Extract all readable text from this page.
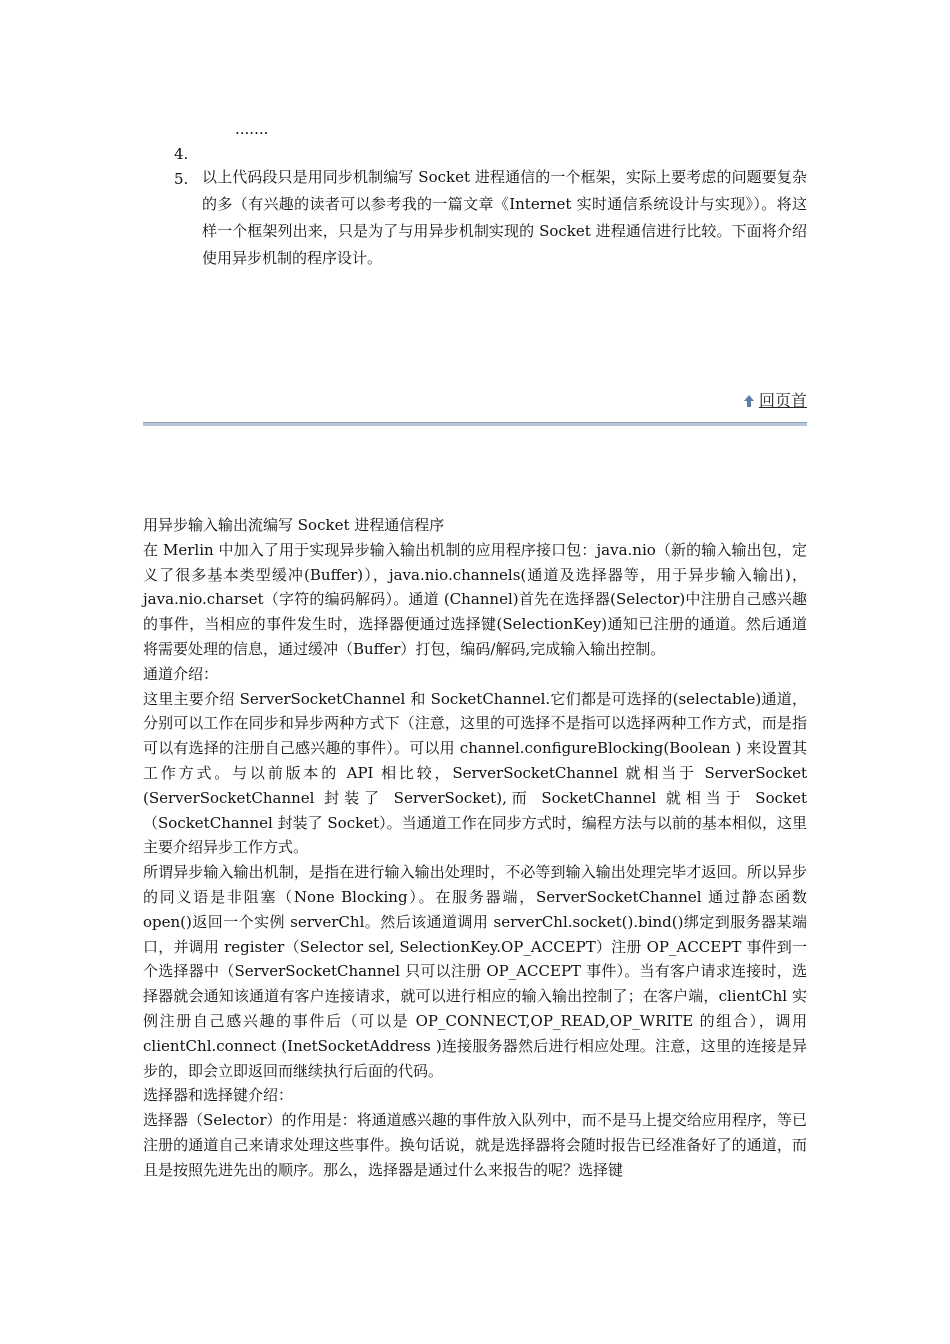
.......
4.
5. 以上代码段只是用同步机制编写 Socket 进程通信的一个框架，实际上要考虑的问题要复杂的多（有兴趣的读者可以参考我的一篇文章《Internet 实时通信系统设计与实现》）。将这样一个框架列出来，只是为了与用异步机制实现的 Socket 进程通信进行比较。下面将介绍使用异步机制的程序设计。
回页首

用异步输入输出流编写 Socket 进程通信程序

在 Merlin 中加入了用于实现异步输入输出机制的应用程序接口包：java.nio（新的输入输出包，定义了很多基本类型缓冲(Buffer)），java.nio.channels(通道及选择器等，用于异步输入输出)，java.nio.charset（字符的编码解码）。通道 (Channel)首先在选择器(Selector)中注册自己感兴趣的事件，当相应的事件发生时，选择器便通过选择键(SelectionKey)通知已注册的通道。然后通道将需要处理的信息，通过缓冲（Buffer）打包，编码/解码,完成输入输出控制。

通道介绍：

这里主要介绍 ServerSocketChannel 和 SocketChannel.它们都是可选择的(selectable)通道，分别可以工作在同步和异步两种方式下（注意，这里的可选择不是指可以选择两种工作方式，而是指可以有选择的注册自己感兴趣的事件）。可以用 channel.configureBlocking(Boolean ) 来设置其工作方式。与以前版本的 API 相比较，ServerSocketChannel 就相当于 ServerSocket (ServerSocketChannel 封装了 ServerSocket),而 SocketChannel 就相当于 Socket（SocketChannel 封装了 Socket）。当通道工作在同步方式时，编程方法与以前的基本相似，这里主要介绍异步工作方式。

所谓异步输入输出机制，是指在进行输入输出处理时，不必等到输入输出处理完毕才返回。所以异步的同义语是非阻塞（None Blocking）。在服务器端，ServerSocketChannel 通过静态函数 open()返回一个实例 serverChl。然后该通道调用 serverChl.socket().bind()绑定到服务器某端口，并调用 register（Selector sel, SelectionKey.OP_ACCEPT）注册 OP_ACCEPT 事件到一个选择器中（ServerSocketChannel 只可以注册 OP_ACCEPT 事件）。当有客户请求连接时，选择器就会通知该通道有客户连接请求，就可以进行相应的输入输出控制了；在客户端，clientChl 实例注册自己感兴趣的事件后（可以是 OP_CONNECT,OP_READ,OP_WRITE 的组合），调用 clientChl.connect (InetSocketAddress )连接服务器然后进行相应处理。注意，这里的连接是异步的，即会立即返回而继续执行后面的代码。

选择器和选择键介绍：

选择器（Selector）的作用是：将通道感兴趣的事件放入队列中，而不是马上提交给应用程序，等已注册的通道自己来请求处理这些事件。换句话说，就是选择器将会随时报告已经准备好了的通道，而且是按照先进先出的顺序。那么，选择器是通过什么来报告的呢？选择键
